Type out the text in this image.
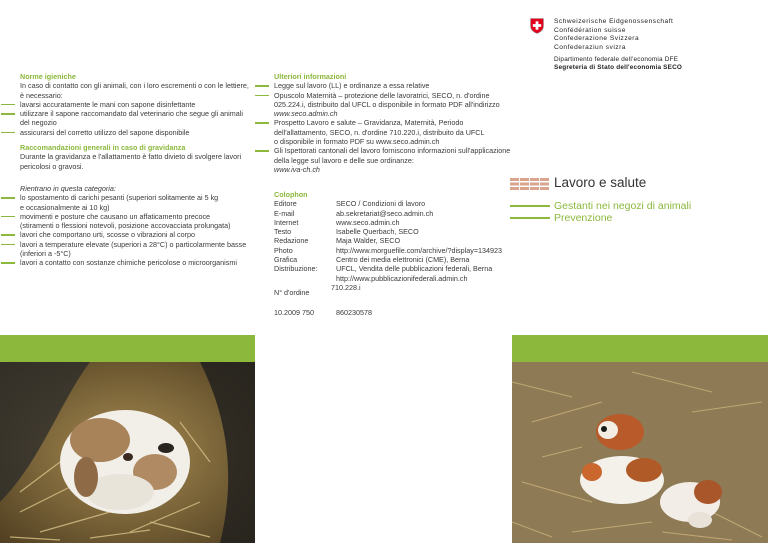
Schweizerische Eidgenossenschaft
Confédération suisse
Confederazione Svizzera
Confederaziun svizra
Dipartimento federale dell'economia DFE
Segreteria di Stato dell'economia SECO
Norme igieniche
In caso di contatto con gli animali, con i loro escrementi o con le lettiere,
è necessario:
lavarsi accuratamente le mani con sapone disinfettante
utilizzare il sapone raccomandato dal veterinario che segue gli animali
del negozio
assicurarsi del corretto utilizzo del sapone disponibile
Raccomandazioni generali in caso di gravidanza
Durante la gravidanza e l'allattamento è fatto divieto di svolgere lavori
pericolosi o gravosi.
Rientrano in questa categoria:
lo spostamento di carichi pesanti (superiori solitamente ai 5 kg
e occasionalmente ai 10 kg)
movimenti e posture che causano un affaticamento precoce
(stiramenti o flessioni notevoli, posizione accovacciata prolungata)
lavori che comportano urti, scosse o vibrazioni al corpo
lavori a temperature elevate (superiori a 28°C) o particolarmente basse
(inferiori a -5°C)
lavori a contatto con sostanze chimiche pericolose o microorganismi
Ulteriori informazioni
Legge sul lavoro (LL) e ordinanze a essa relative
Opuscolo Maternità – protezione delle lavoratrici, SECO, n. d'ordine
025.224.i, distribuito dal UFCL o disponibile in formato PDF all'indirizzo
www.seco.admin.ch
Prospetto Lavoro e salute – Gravidanza, Maternità, Periodo
dell'allattamento, SECO, n. d'ordine 710.220.i, distribuito da UFCL
o disponibile in formato PDF su www.seco.admin.ch
Gli Ispettorati cantonali del lavoro forniscono informazioni sull'applicazione
della legge sul lavoro e delle sue ordinanze:
www.iva-ch.ch
Colophon
Editore	SECO / Condizioni di lavoro
E-mail	ab.sekretariat@seco.admin.ch
Internet	www.seco.admin.ch
Testo	Isabelle Querbach, SECO
Redazione	Maja Walder, SECO
Photo	http://www.morguefile.com/archive/?display=134923
Grafica	Centro dei media elettronici (CME), Berna
Distribuzione:	UFCL, Vendita delle pubblicazioni federali, Berna
http://www.pubblicazionifederali.admin.ch
N° d'ordine
710.228.i
10.2009 750	860230578
Lavoro e salute
Gestanti nei negozi di animali
Prevenzione
